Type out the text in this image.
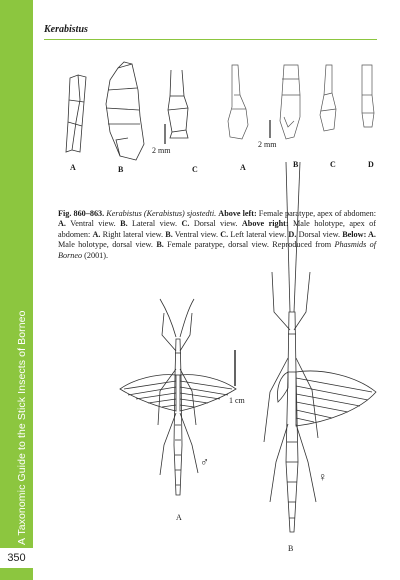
A Taxonomic Guide to the Stick Insects of Borneo
350
Kerabistus
A	B	C
2 mm
A	B	C	D
2 mm
Fig. 860–863. Kerabistus (Kerabistus) sjostedti. Above left: Female paratype, apex of abdomen: A. Ventral view. B. Lateral view. C. Dorsal view. Above right: Male holotype, apex of abdomen: A. Right lateral view. B. Ventral view. C. Left lateral view. D. Dorsal view. Below: A. Male holotype, dorsal view. B. Female paratype, dorsal view. Reproduced from Phasmids of Borneo (2001).
♂
A
1 cm
♀
B
